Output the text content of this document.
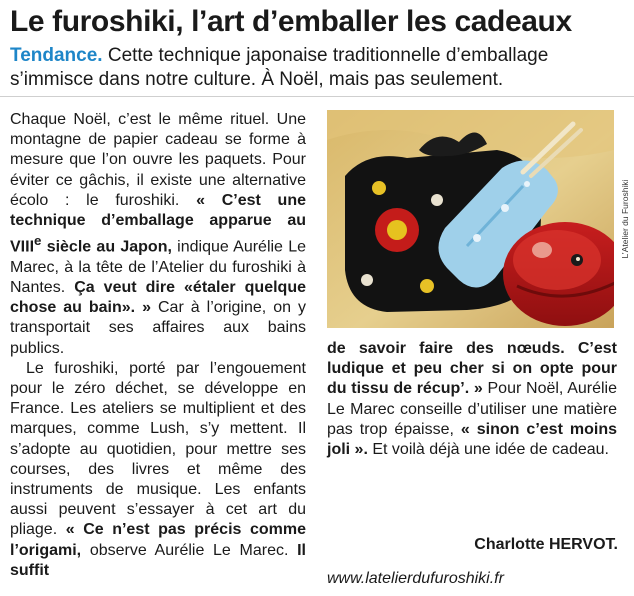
Le furoshiki, l’art d’emballer les cadeaux
Tendance. Cette technique japonaise traditionnelle d’emballage s’immisce dans notre culture. À Noël, mais pas seulement.

Chaque Noël, c’est le même rituel. Une montagne de papier cadeau se forme à mesure que l’on ouvre les paquets. Pour éviter ce gâchis, il existe une alternative écolo : le furoshiki. « C’est une technique d’emballage apparue au VIIIe siècle au Japon, indique Aurélie Le Marec, à la tête de l’Atelier du furoshiki à Nantes. Ça veut dire «étaler quelque chose au bain». » Car à l’origine, on y transportait ses affaires aux bains publics.

Le furoshiki, porté par l’engouement pour le zéro déchet, se développe en France. Les ateliers se multiplient et des marques, comme Lush, s’y mettent. Il s’adopte au quotidien, pour mettre ses courses, des livres et même des instruments de musique. Les enfants aussi peuvent s’essayer à cet art du pliage. « Ce n’est pas précis comme l’origami, observe Aurélie Le Marec. Il suffit

L’Atelier du Furoshiki

de savoir faire des nœuds. C’est ludique et peu cher si on opte pour du tissu de récup’. » Pour Noël, Aurélie Le Marec conseille d’utiliser une matière pas trop épaisse, « sinon c’est moins joli ». Et voilà déjà une idée de cadeau.

Charlotte HERVOT.
www.latelierdufuroshiki.fr
